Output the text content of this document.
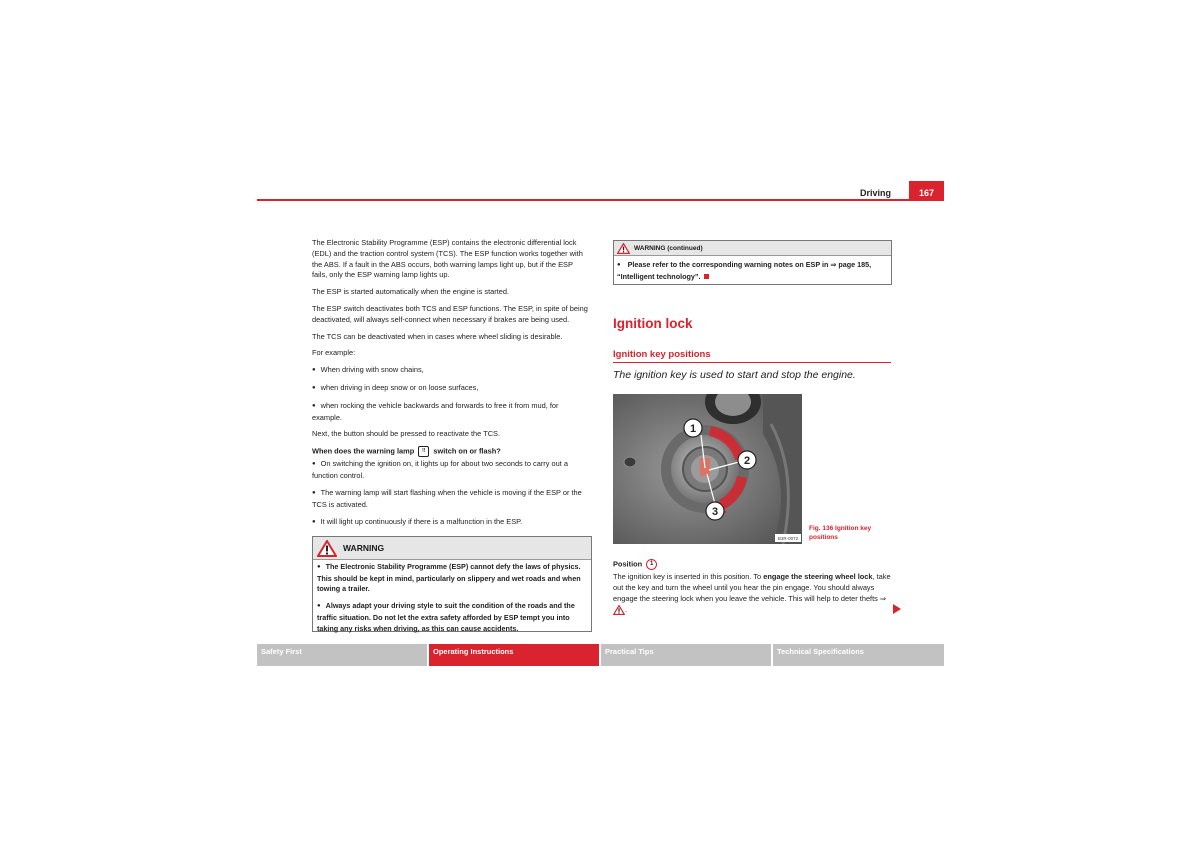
Driving	167

The Electronic Stability Programme (ESP) contains the electronic differential lock (EDL) and the traction control system (TCS). The ESP function works together with the ABS. If a fault in the ABS occurs, both warning lamps light up, but if the ESP fails, only the ESP warning lamp lights up.

The ESP is started automatically when the engine is started.

The ESP switch deactivates both TCS and ESP functions. The ESP, in spite of being deactivated, will always self-connect when necessary if brakes are being used.

The TCS can be deactivated when in cases where wheel sliding is desirable.

For example:

● When driving with snow chains,

● when driving in deep snow or on loose surfaces,

● when rocking the vehicle backwards and forwards to free it from mud, for example.

Next, the button should be pressed to reactivate the TCS.

When does the warning lamp !! switch on or flash?

● On switching the ignition on, it lights up for about two seconds to carry out a function control.

● The warning lamp will start flashing when the vehicle is moving if the ESP or the TCS is activated.

● It will light up continuously if there is a malfunction in the ESP.

WARNING

● The Electronic Stability Programme (ESP) cannot defy the laws of physics. This should be kept in mind, particularly on slippery and wet roads and when towing a trailer.

● Always adapt your driving style to suit the condition of the roads and the traffic situation. Do not let the extra safety afforded by ESP tempt you into taking any risks when driving, as this can cause accidents.

WARNING (continued)

● Please refer to the corresponding warning notes on ESP in ⇒ page 185, “Intelligent technology”.

Ignition lock
Ignition key positions
The ignition key is used to start and stop the engine.
1
2
3
B3R-0072
Fig. 136 Ignition key positions

Position 1

The ignition key is inserted in this position. To engage the steering wheel lock, take out the key and turn the wheel until you hear the pin engage. You should always engage the steering lock when you leave the vehicle. This will help to deter thefts ⇒ .

Safety First	Operating Instructions	Practical Tips	Technical Specifications
